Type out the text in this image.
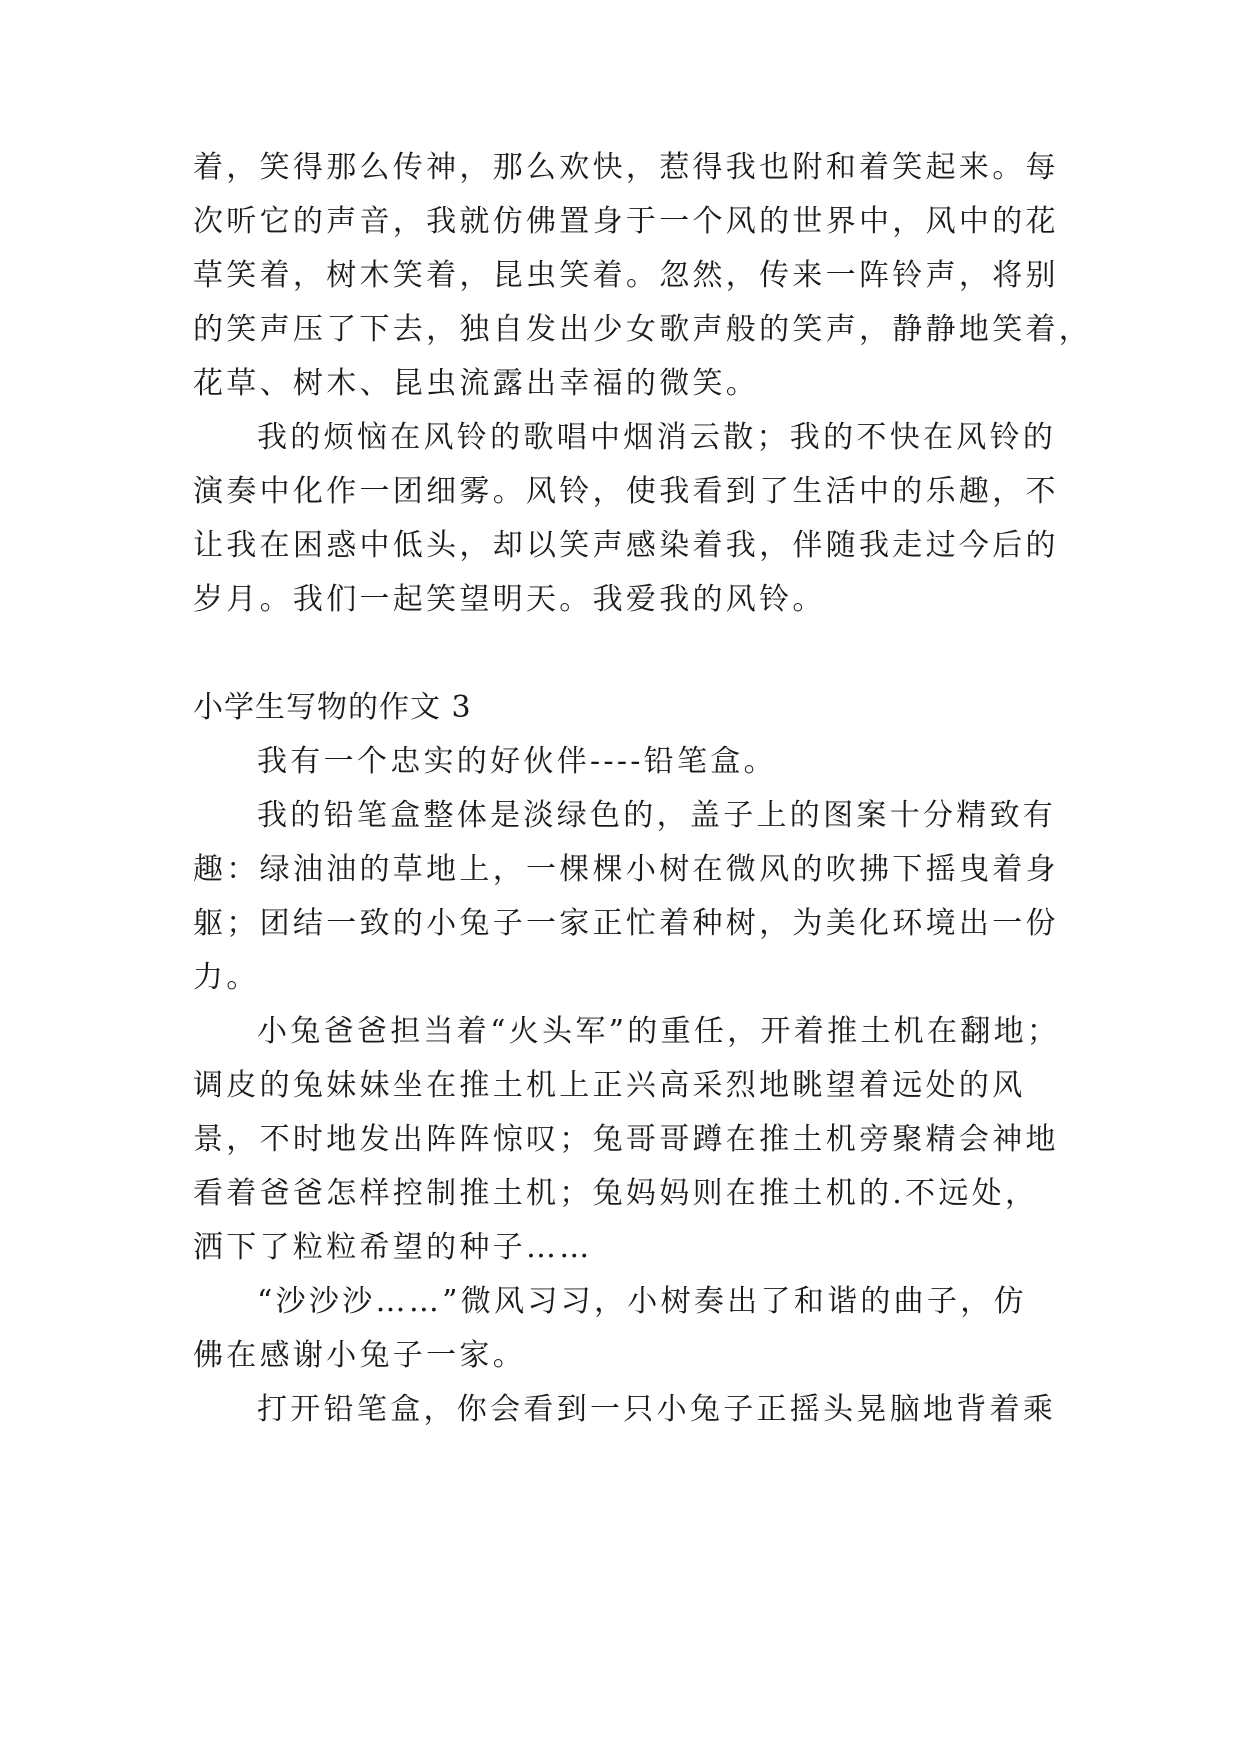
着，笑得那么传神，那么欢快，惹得我也附和着笑起来。每
次听它的声音，我就仿佛置身于一个风的世界中，风中的花
草笑着，树木笑着，昆虫笑着。忽然，传来一阵铃声，将别
的笑声压了下去，独自发出少女歌声般的笑声，静静地笑着，
花草、树木、昆虫流露出幸福的微笑。
我的烦恼在风铃的歌唱中烟消云散；我的不快在风铃的
演奏中化作一团细雾。风铃，使我看到了生活中的乐趣，不
让我在困惑中低头，却以笑声感染着我，伴随我走过今后的
岁月。我们一起笑望明天。我爱我的风铃。
小学生写物的作文 3
我有一个忠实的好伙伴----铅笔盒。
我的铅笔盒整体是淡绿色的，盖子上的图案十分精致有
趣：绿油油的草地上，一棵棵小树在微风的吹拂下摇曳着身
躯；团结一致的小兔子一家正忙着种树，为美化环境出一份
力。
小兔爸爸担当着“火头军”的重任，开着推土机在翻地；
调皮的兔妹妹坐在推土机上正兴高采烈地眺望着远处的风
景，不时地发出阵阵惊叹；兔哥哥蹲在推土机旁聚精会神地
看着爸爸怎样控制推土机；兔妈妈则在推土机的.不远处，
洒下了粒粒希望的种子……
“沙沙沙……”微风习习，小树奏出了和谐的曲子，仿
佛在感谢小兔子一家。
打开铅笔盒，你会看到一只小兔子正摇头晃脑地背着乘
